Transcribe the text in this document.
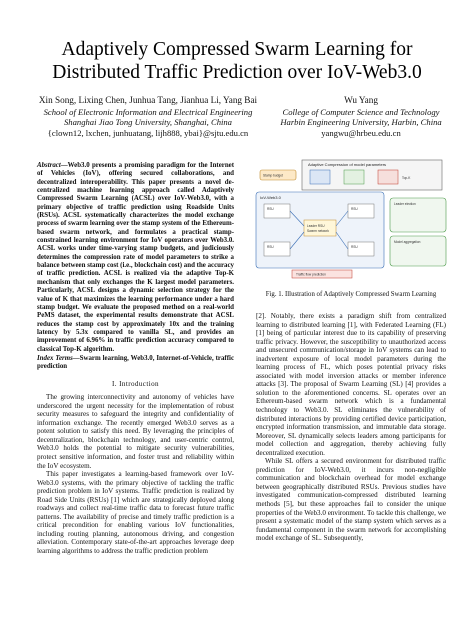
Adaptively Compressed Swarm Learning for
Distributed Traffic Prediction over IoV-Web3.0
Xin Song, Lixing Chen, Junhua Tang, Jianhua Li, Yang Bai
School of Electronic Information and Electrical Engineering
Shanghai Jiao Tong University, Shanghai, China
{clown12, lxchen, junhuatang, lijh888, ybai}@sjtu.edu.cn
Wu Yang
College of Computer Science and Technology
Harbin Engineering University, Harbin, China
yangwu@hrbeu.edu.cn
Abstract—Web3.0 presents a promising paradigm for the Internet of Vehicles (IoV), offering secured collaborations, and decentralized interoperability. This paper presents a novel de-centralized machine learning approach called Adaptively Compressed Swarm Learning (ACSL) over IoV-Web3.0, with a primary objective of traffic prediction using Roadside Units (RSUs). ACSL systematically characterizes the model exchange process of swarm learning over the stamp system of the Ethereum-based swarm network, and formulates a practical stamp-constrained learning environment for IoV operators over Web3.0. ACSL works under time-varying stamp budgets, and judiciously determines the compression rate of model parameters to strike a balance between stamp cost (i.e., blockchain cost) and the accuracy of traffic prediction. ACSL is realized via the adaptive Top-K mechanism that only exchanges the K largest model parameters. Particularly, ACSL designs a dynamic selection strategy for the value of K that maximizes the learning performance under a hard stamp budget. We evaluate the proposed method on a real-world PeMS dataset, the experimental results demonstrate that ACSL reduces the stamp cost by approximately 10x and the training latency by 5.3x compared to vanilla SL, and provides an improvement of 6.96% in traffic prediction accuracy compared to classical Top-K algorithm.
Index Terms—Swarm learning, Web3.0, Internet-of-Vehicle, traffic prediction
I. Introduction

The growing interconnectivity and autonomy of vehicles have underscored the urgent necessity for the implementation of robust security measures to safeguard the integrity and confidentiality of information exchange. The recently emerged Web3.0 serves as a potent solution to satisfy this need. By leveraging the principles of decentralization, blockchain technology, and user-centric control, Web3.0 holds the potential to mitigate security vulnerabilities, protect sensitive information, and foster trust and reliability within the IoV ecosystem.

This paper investigates a learning-based framework over IoV-Web3.0 systems, with the primary objective of tackling the traffic prediction problem in IoV systems. Traffic prediction is realized by Road Side Units (RSUs) [1] which are strategically deployed along roadways and collect real-time traffic data to forecast future traffic patterns. The availability of precise and timely traffic prediction is a critical precondition for enabling various IoV functionalities, including routing planning, autonomous driving, and congestion alleviation. Contemporary state-of-the-art approaches leverage deep learning algorithms to address the traffic prediction problem

Adaptive Compression of model parameters
Stamp budget
Top-K
IoV-Web3.0
RSU	RSU
Leader RSU
Swarm network
RSU	RSU
Leader election
Model aggregation
Traffic flow prediction
Fig. 1. Illustration of Adaptively Compressed Swarm Learning

[2]. Notably, there exists a paradigm shift from centralized learning to distributed learning [1], with Federated Learning (FL) [1] being of particular interest due to its capability of preserving traffic privacy. However, the susceptibility to unauthorized access and unsecured communication/storage in IoV systems can lead to inadvertent exposure of local model parameters during the learning process of FL, which poses potential privacy risks associated with model inversion attacks or member inference attacks [3]. The proposal of Swarm Learning (SL) [4] provides a solution to the aforementioned concerns. SL operates over an Ethereum-based swarm network which is a fundamental technology to Web3.0. SL eliminates the vulnerability of distributed interactions by providing certified device participation, encrypted information transmission, and immutable data storage. Moreover, SL dynamically selects leaders among participants for model collection and aggregation, thereby achieving fully decentralized execution.

While SL offers a secured environment for distributed traffic prediction for IoV-Web3.0, it incurs non-negligible communication and blockchain overhead for model exchange between geographically distributed RSUs. Previous studies have investigated communication-compressed distributed learning methods [5], but these approaches fail to consider the unique properties of the Web3.0 environment. To tackle this challenge, we present a systematic model of the stamp system which serves as a fundamental component in the swarm network for accomplishing model exchange of SL. Subsequently,
